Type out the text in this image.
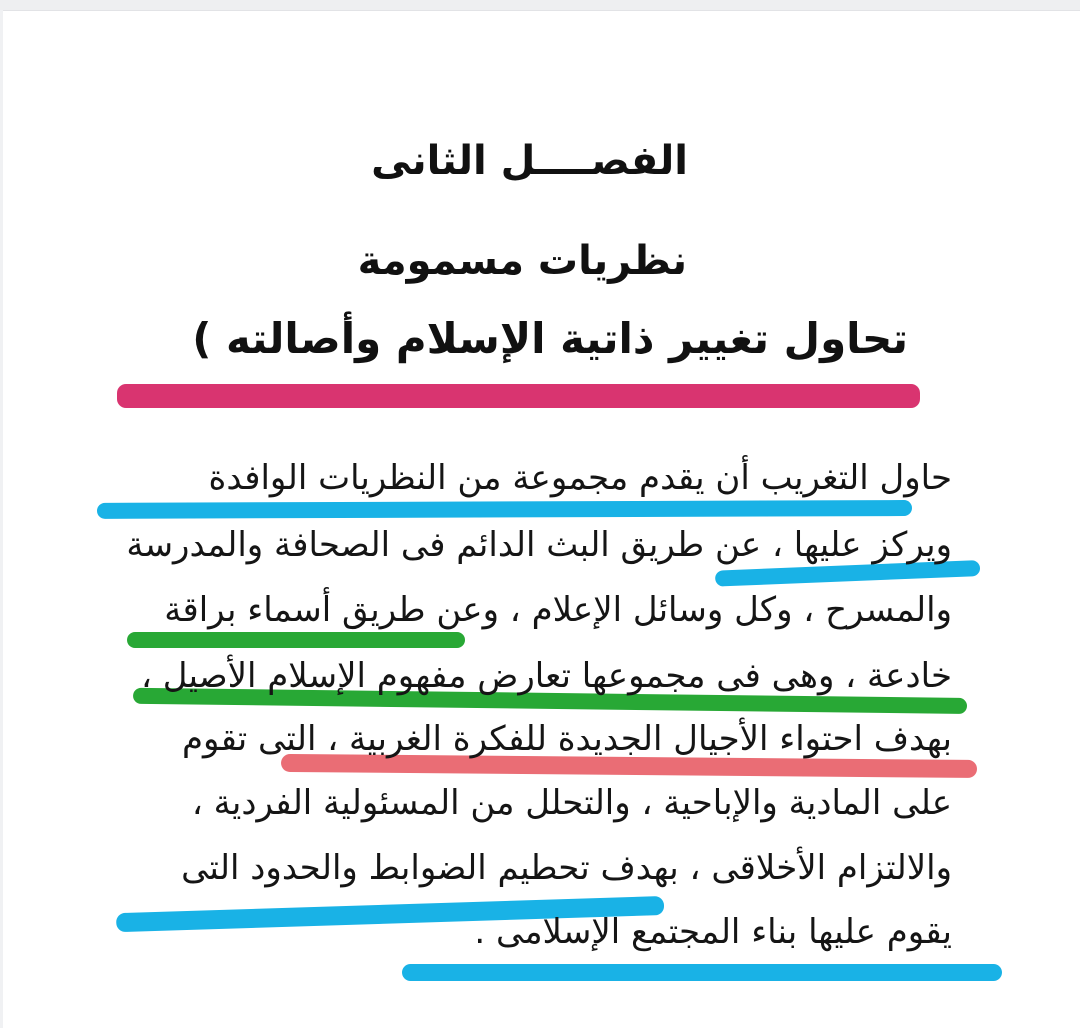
الفصــــل الثانى
نظريات مسمومة
تحاول تغيير ذاتية الإسلام وأصالته )
حاول التغريب أن يقدم مجموعة من النظريات الوافدة
ويركز عليها ، عن طريق البث الدائم فى الصحافة والمدرسة
والمسرح ، وكل وسائل الإعلام ، وعن طريق أسماء براقة
خادعة ، وهى فى مجموعها تعارض مفهوم الإسلام الأصيل ،
بهدف احتواء الأجيال الجديدة للفكرة الغربية ، التى تقوم
على المادية والإباحية ، والتحلل من المسئولية الفردية ،
والالتزام الأخلاقى ، بهدف تحطيم الضوابط والحدود التى
يقوم عليها بناء المجتمع الإسلامى .
